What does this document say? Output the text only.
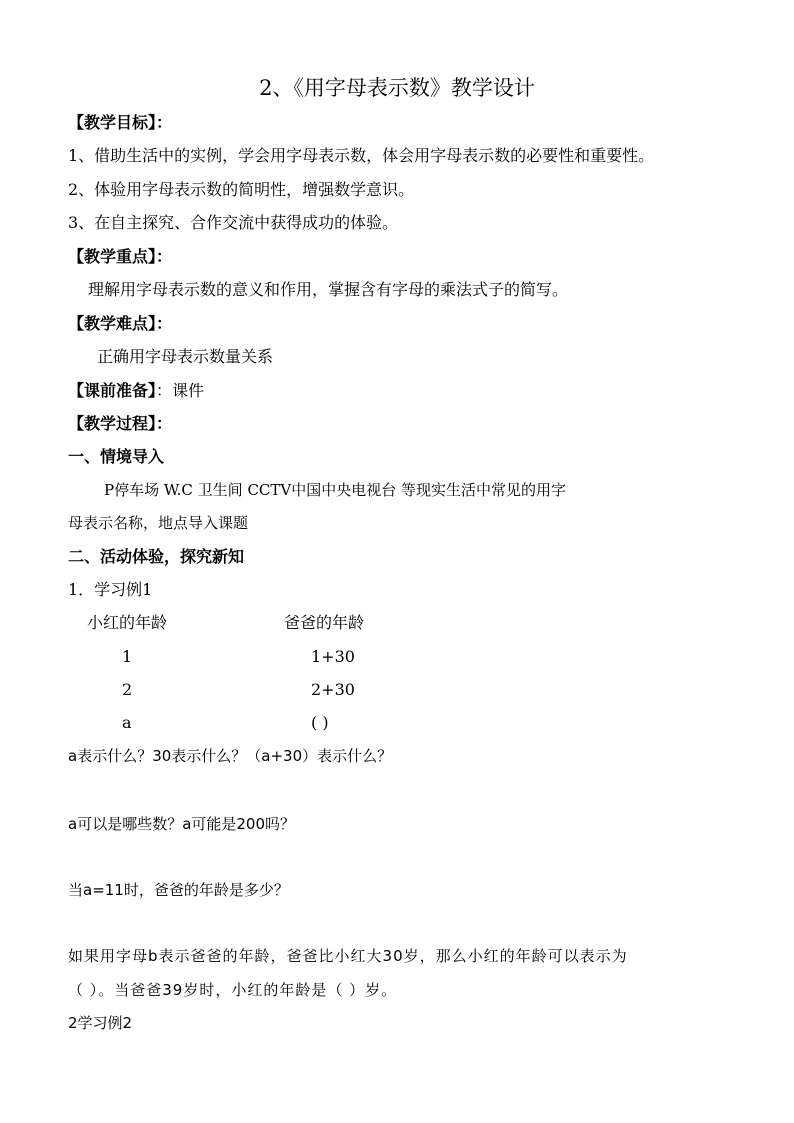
2、《用字母表示数》教学设计
【教学目标】：
1、借助生活中的实例，学会用字母表示数，体会用字母表示数的必要性和重要性。
2、体验用字母表示数的简明性，增强数学意识。
3、在自主探究、合作交流中获得成功的体验。
【教学重点】：
理解用字母表示数的意义和作用，掌握含有字母的乘法式子的简写。
【教学难点】：
正确用字母表示数量关系
【课前准备】：课件
【教学过程】：
一、情境导入
P停车场 W.C 卫生间 CCTV中国中央电视台 等现实生活中常见的用字
母表示名称，地点导入课题
二、活动体验，探究新知
1．学习例1
小红的年龄	爸爸的年龄
1	1+30
2	2+30
a	( )
a表示什么？30表示什么？（a+30）表示什么？
a可以是哪些数？a可能是200吗？
当a=11时，爸爸的年龄是多少？
如果用字母b表示爸爸的年龄，爸爸比小红大30岁，那么小红的年龄可以表示为
（ ）。当爸爸39岁时，小红的年龄是（ ）岁。
2学习例2
